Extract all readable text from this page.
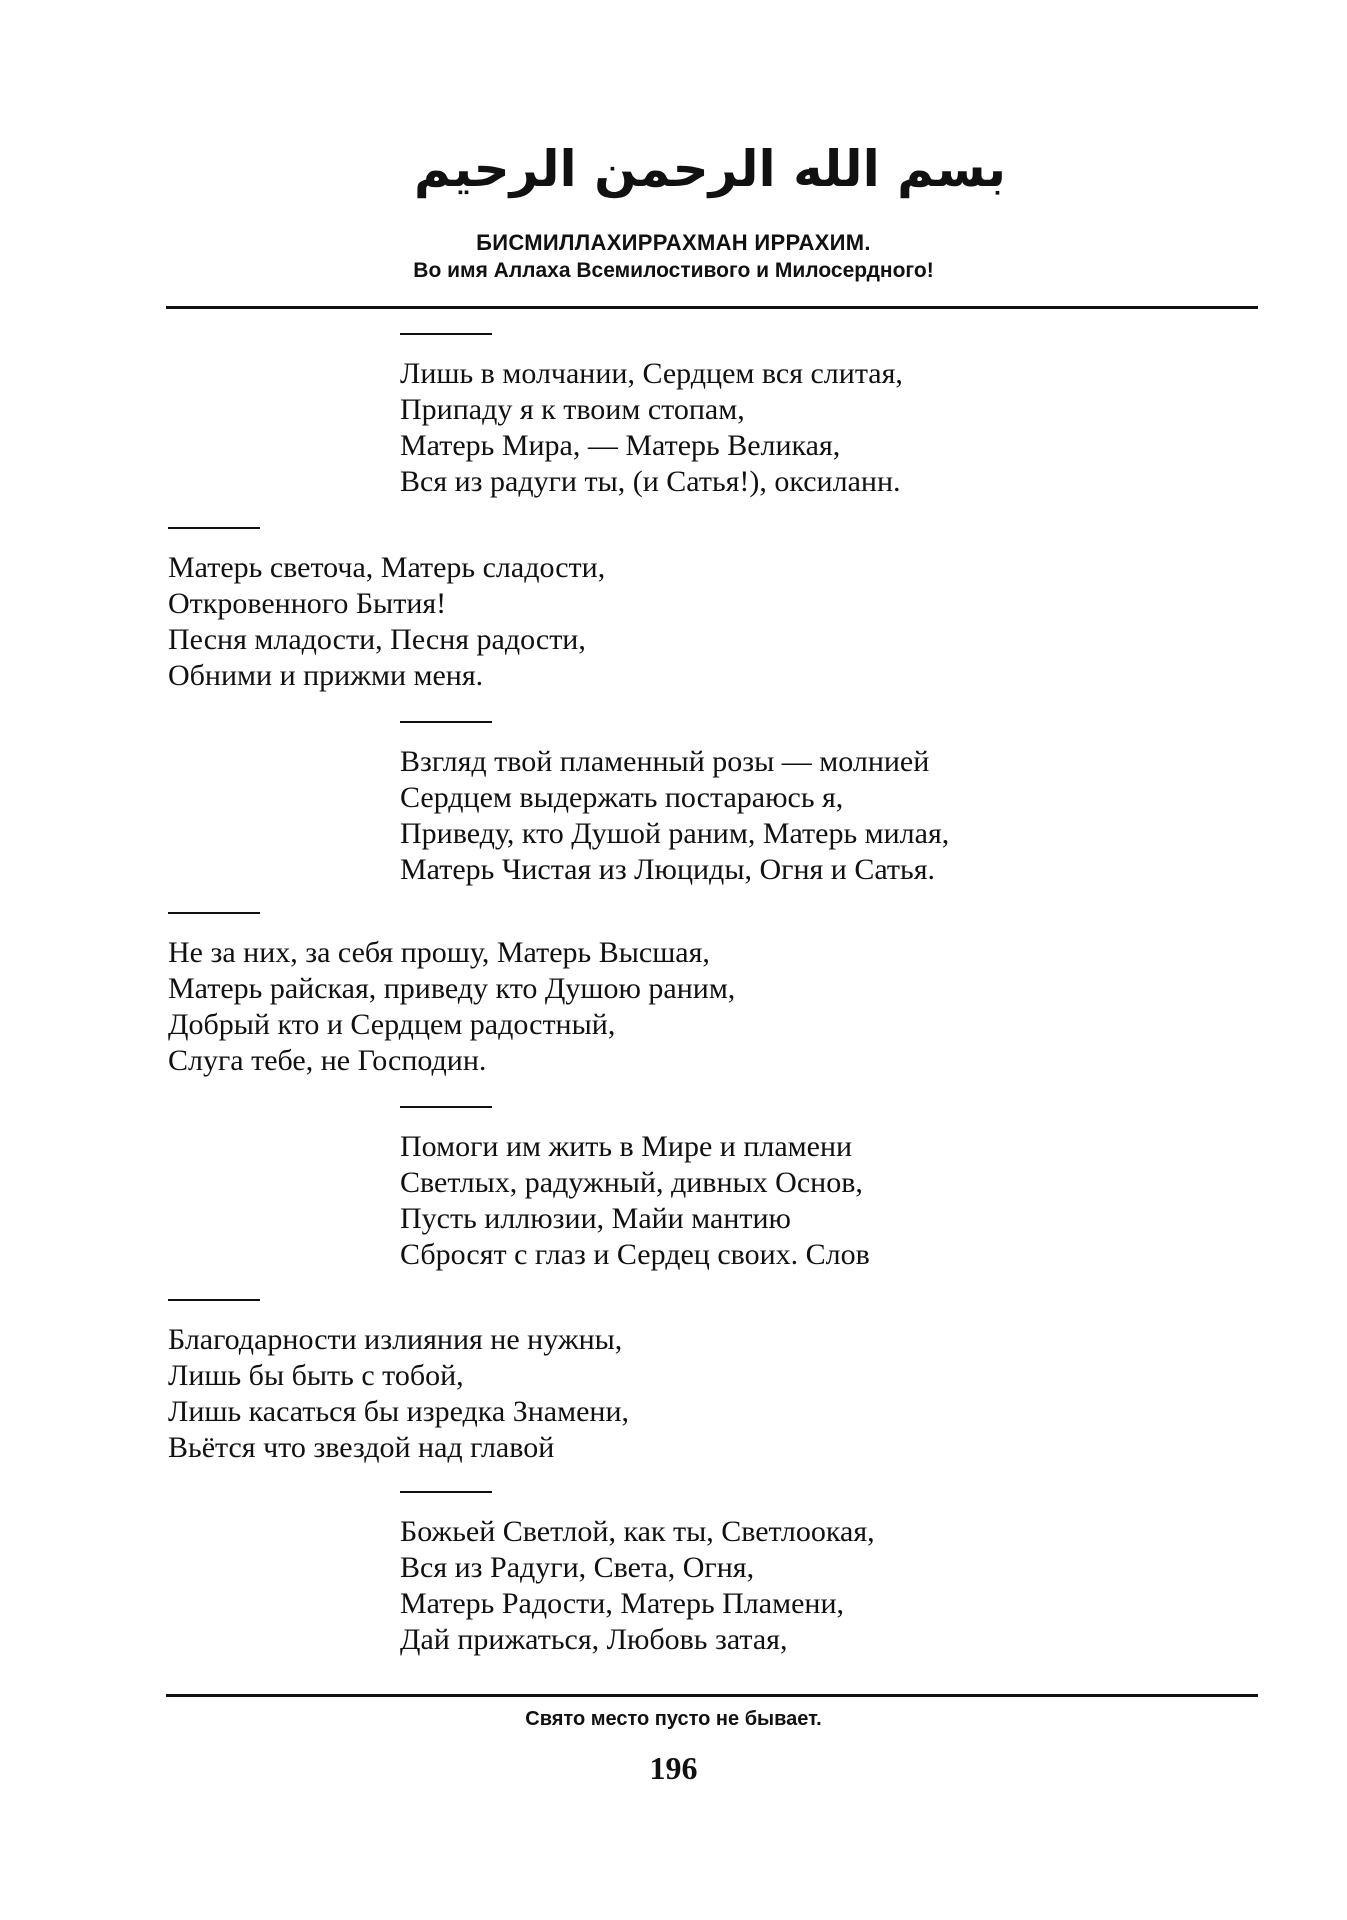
بسم الله الرحمن الرحيم
БИСМИЛЛАХИРРАХМАН ИРРАХИМ.
Во имя Аллаха Всемилостивого и Милосердного!
Лишь в молчании, Сердцем вся слитая,
Припаду я к твоим стопам,
Матерь Мира, — Матерь Великая,
Вся из радуги ты, (и Сатья!), оксиланн.
Матерь светоча, Матерь сладости,
Откровенного Бытия!
Песня младости, Песня радости,
Обними и прижми меня.
Взгляд твой пламенный розы — молнией
Сердцем выдержать постараюсь я,
Приведу, кто Душой раним, Матерь милая,
Матерь Чистая из Люциды, Огня и Сатья.
Не за них, за себя прошу, Матерь Высшая,
Матерь райская, приведу кто Душою раним,
Добрый кто и Сердцем радостный,
Слуга тебе, не Господин.
Помоги им жить в Мире и пламени
Светлых, радужный, дивных Основ,
Пусть иллюзии, Майи мантию
Сбросят с глаз и Сердец своих. Слов
Благодарности излияния не нужны,
Лишь бы быть с тобой,
Лишь касаться бы изредка Знамени,
Вьётся что звездой над главой
Божьей Светлой, как ты, Светлоокая,
Вся из Радуги, Света, Огня,
Матерь Радости, Матерь Пламени,
Дай прижаться, Любовь затая,
Свято место пусто не бывает.
196
